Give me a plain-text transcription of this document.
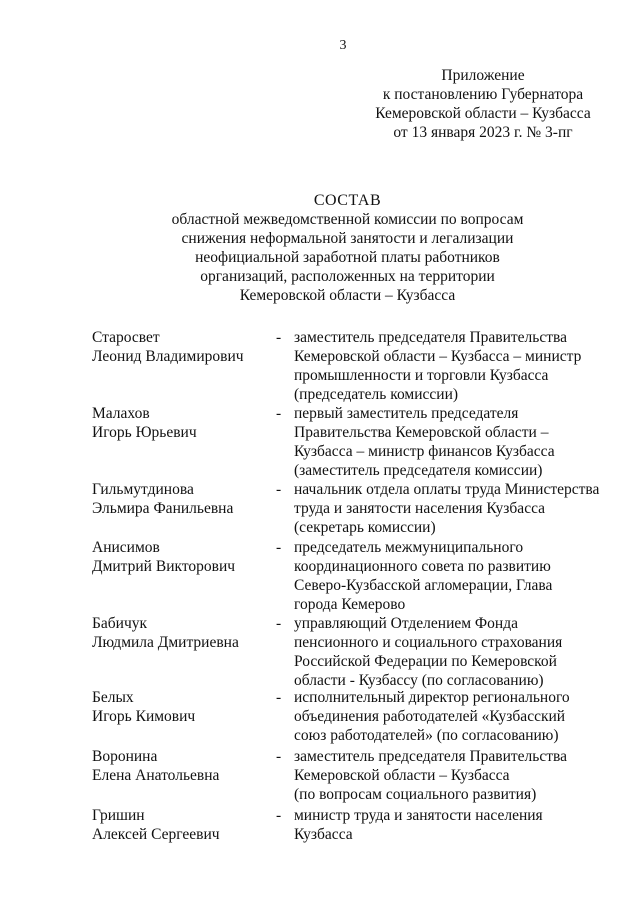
3
Приложение
к постановлению Губернатора
Кемеровской области – Кузбасса
от 13 января 2023 г. № 3-пг
СОСТАВ
областной межведомственной комиссии по вопросам
снижения неформальной занятости и легализации
неофициальной заработной платы работников
организаций, расположенных на территории
Кемеровской области – Кузбасса
Старосвет
Леонид Владимирович
- заместитель председателя Правительства
Кемеровской области – Кузбасса – министр
промышленности и торговли Кузбасса
(председатель комиссии)
Малахов
Игорь Юрьевич
- первый заместитель председателя
Правительства Кемеровской области –
Кузбасса – министр финансов Кузбасса
(заместитель председателя комиссии)
Гильмутдинова
Эльмира Фанильевна
- начальник отдела оплаты труда Министерства
труда и занятости населения Кузбасса
(секретарь комиссии)
Анисимов
Дмитрий Викторович
- председатель межмуниципального
координационного совета по развитию
Северо-Кузбасской агломерации, Глава
города Кемерово
Бабичук
Людмила Дмитриевна
- управляющий Отделением Фонда
пенсионного и социального страхования
Российской Федерации по Кемеровской
области - Кузбассу (по согласованию)
Белых
Игорь Кимович
- исполнительный директор регионального
объединения работодателей «Кузбасский
союз работодателей» (по согласованию)
Воронина
Елена Анатольевна
- заместитель председателя Правительства
Кемеровской области – Кузбасса
(по вопросам социального развития)
Гришин
Алексей Сергеевич
- министр труда и занятости населения
Кузбасса
